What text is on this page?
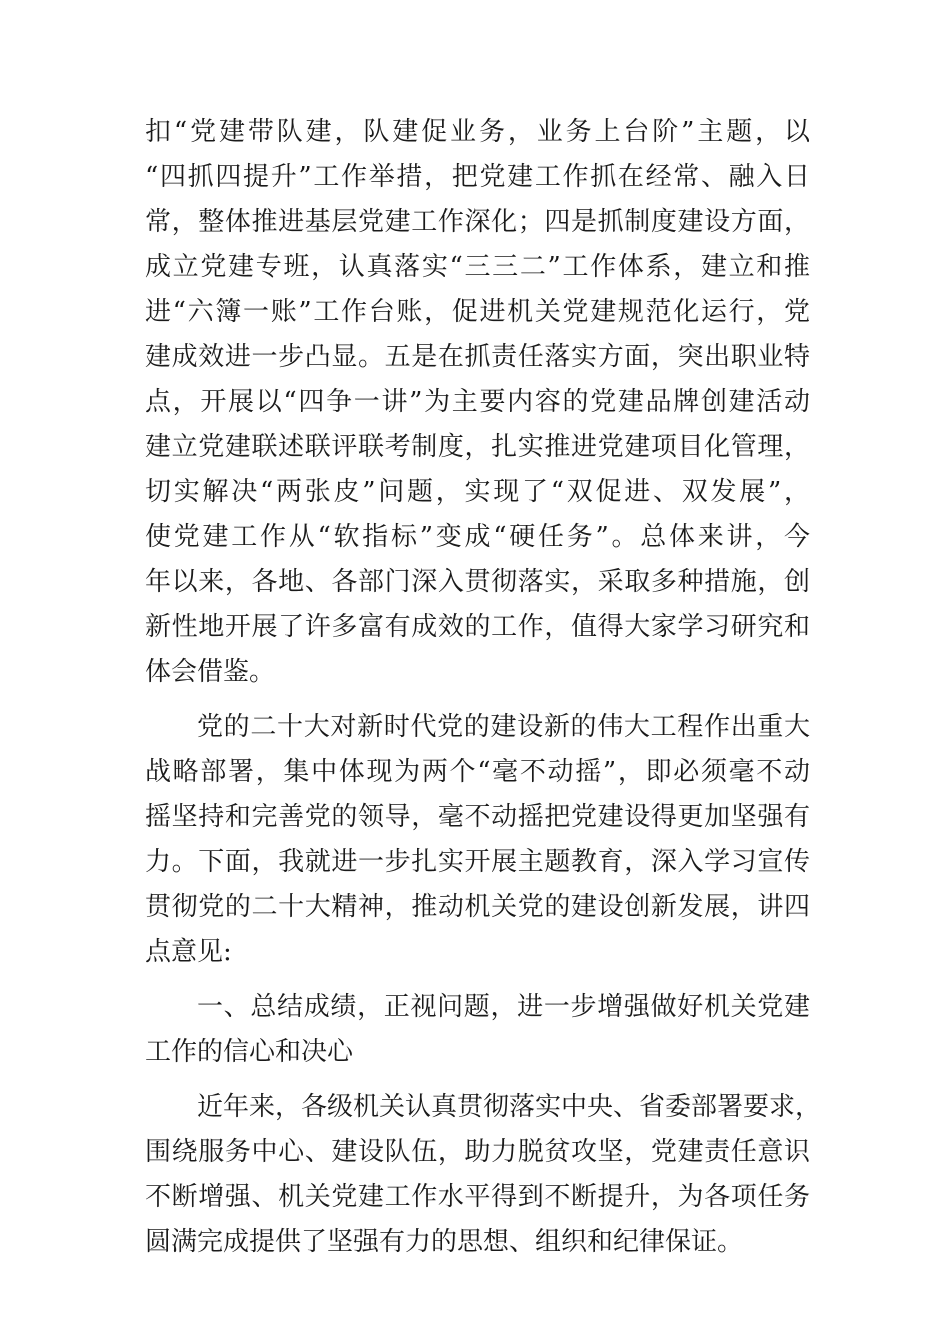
扣“党建带队建，队建促业务，业务上台阶”主题，以
“四抓四提升”工作举措，把党建工作抓在经常、融入日
常，整体推进基层党建工作深化；四是抓制度建设方面，
成立党建专班，认真落实“三三二”工作体系，建立和推
进“六簿一账”工作台账，促进机关党建规范化运行，党
建成效进一步凸显。五是在抓责任落实方面，突出职业特
点，开展以“四争一讲”为主要内容的党建品牌创建活动
建立党建联述联评联考制度，扎实推进党建项目化管理，
切实解决“两张皮”问题，实现了“双促进、双发展”，
使党建工作从“软指标”变成“硬任务”。总体来讲，今
年以来，各地、各部门深入贯彻落实，采取多种措施，创
新性地开展了许多富有成效的工作，值得大家学习研究和
体会借鉴。
党的二十大对新时代党的建设新的伟大工程作出重大
战略部署，集中体现为两个“毫不动摇”，即必须毫不动
摇坚持和完善党的领导，毫不动摇把党建设得更加坚强有
力。下面，我就进一步扎实开展主题教育，深入学习宣传
贯彻党的二十大精神，推动机关党的建设创新发展，讲四
点意见:
一、总结成绩，正视问题，进一步增强做好机关党建
工作的信心和决心
近年来，各级机关认真贯彻落实中央、省委部署要求，
围绕服务中心、建设队伍，助力脱贫攻坚，党建责任意识
不断增强、机关党建工作水平得到不断提升，为各项任务
圆满完成提供了坚强有力的思想、组织和纪律保证。
